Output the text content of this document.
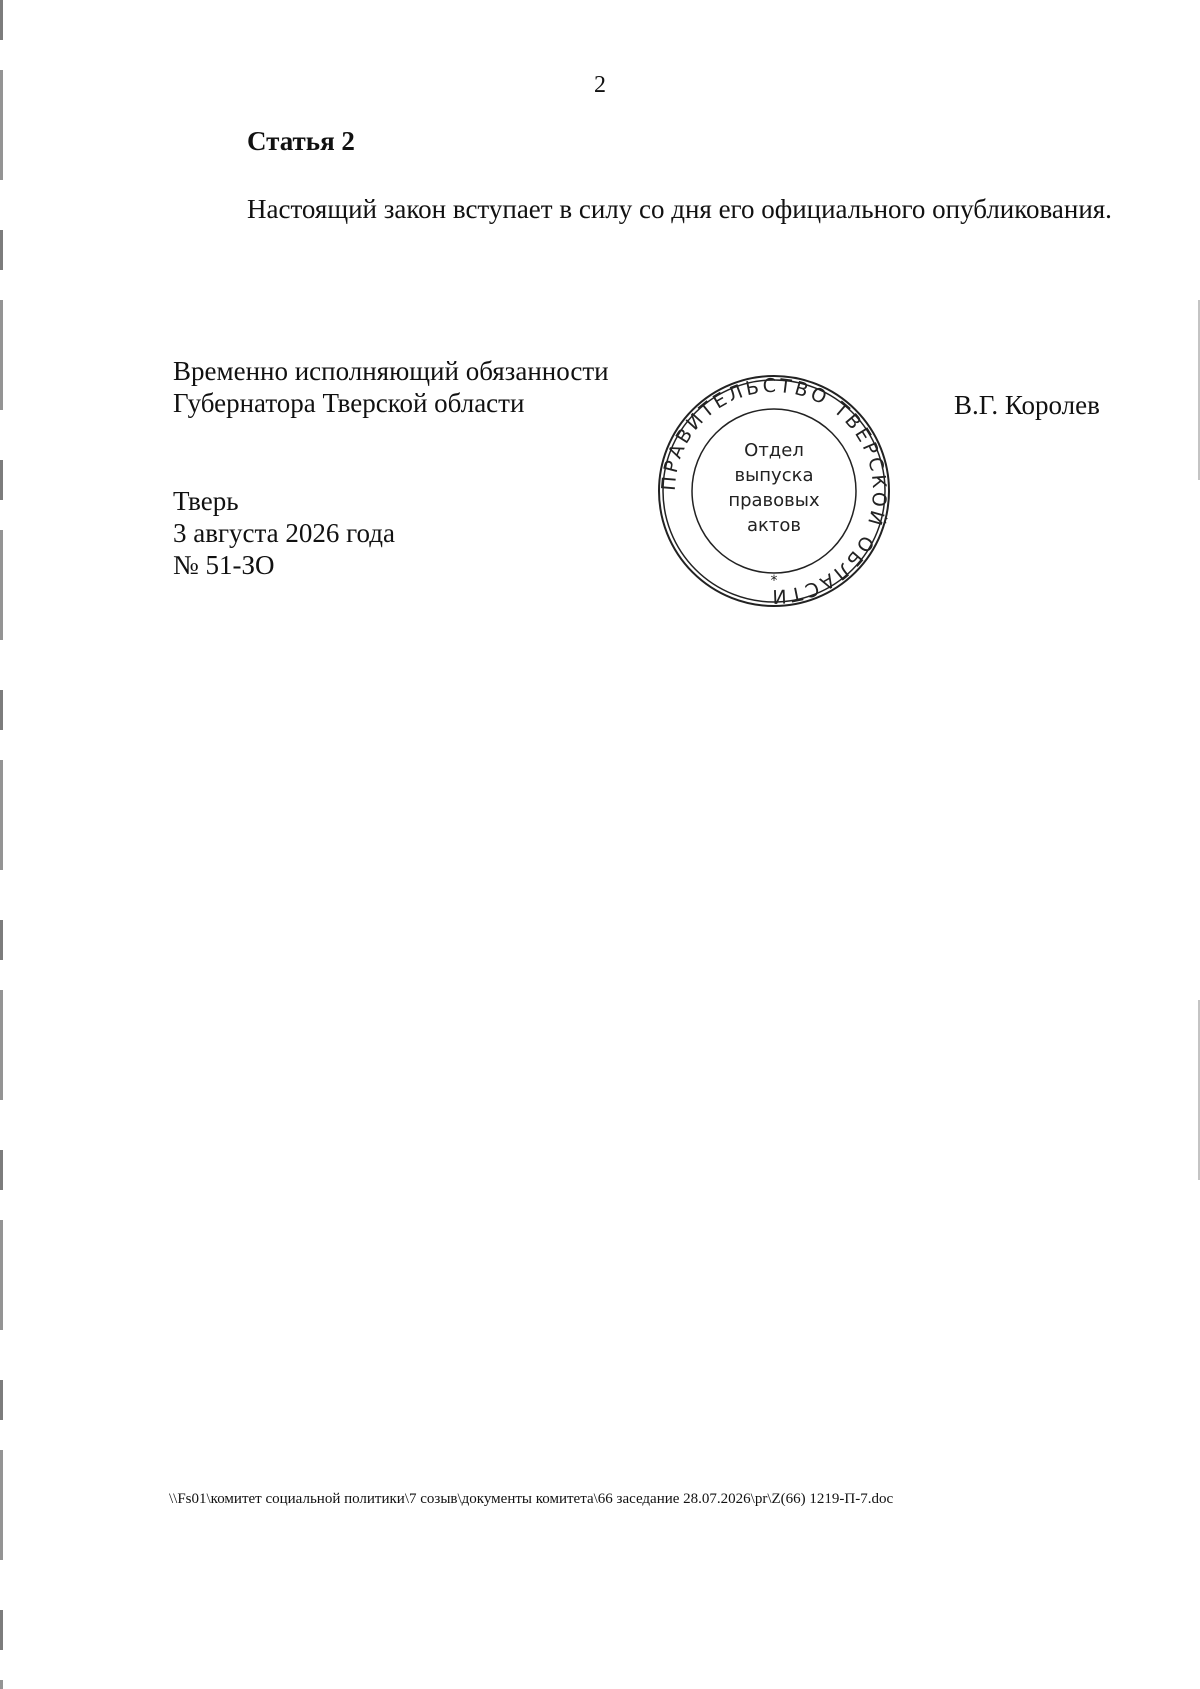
2
Статья 2
Настоящий закон вступает в силу со дня его официального опубликования.
Временно исполняющий обязанности
Губернатора Тверской области	В.Г. Королев
Тверь
3 августа 2026 года
№ 51-ЗО
ПРАВИТЕЛЬСТВО ТВЕРСКОЙ ОБЛАСТИ
Отдел
выпуска
правовых
актов
*
\\Fs01\комитет социальной политики\7 созыв\документы комитета\66 заседание 28.07.2026\pr\Z(66) 1219-П-7.doc
